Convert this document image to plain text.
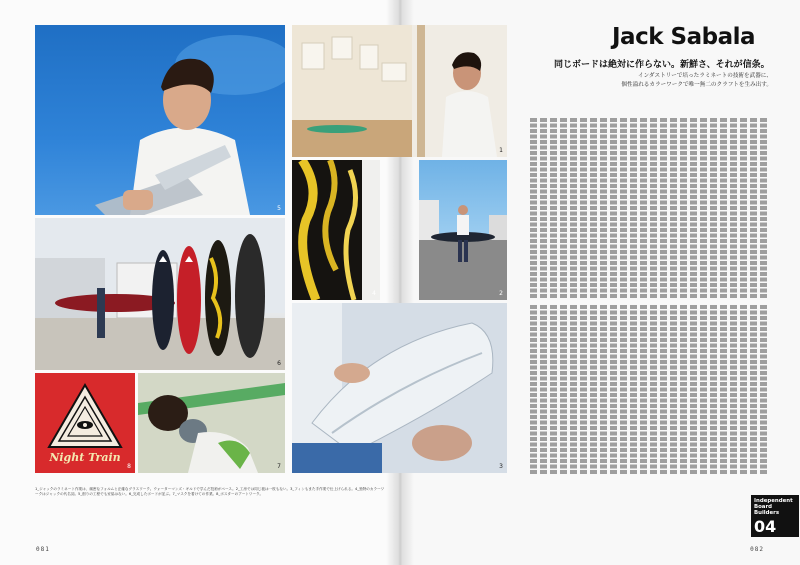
5
1
6
4	2
Night Train
8	7	3
1_ジャックのラミネート作業は、緻密なフォルムと正確なグラスワーク。ウォーターマンズ・ギルドで学んだ技術がベース。2_工房では同じ板は一枚もない。3_フィンもまた手作業で仕上げられる。4_独特のカラーワークはジャックの代名詞。5_削りの工程でも妥協はない。6_完成したボードが並ぶ。7_マスクを着けての作業。8_ポスターのアートワーク。
081	082
Jack Sabala
同じボードは絶対に作らない。新鮮さ、それが信条。
インダストリーで培ったラミネートの技術を武器に、
個性溢れるカラーワークで唯一無二のクラフトを生み出す。
Independent
Board
Builders
04
